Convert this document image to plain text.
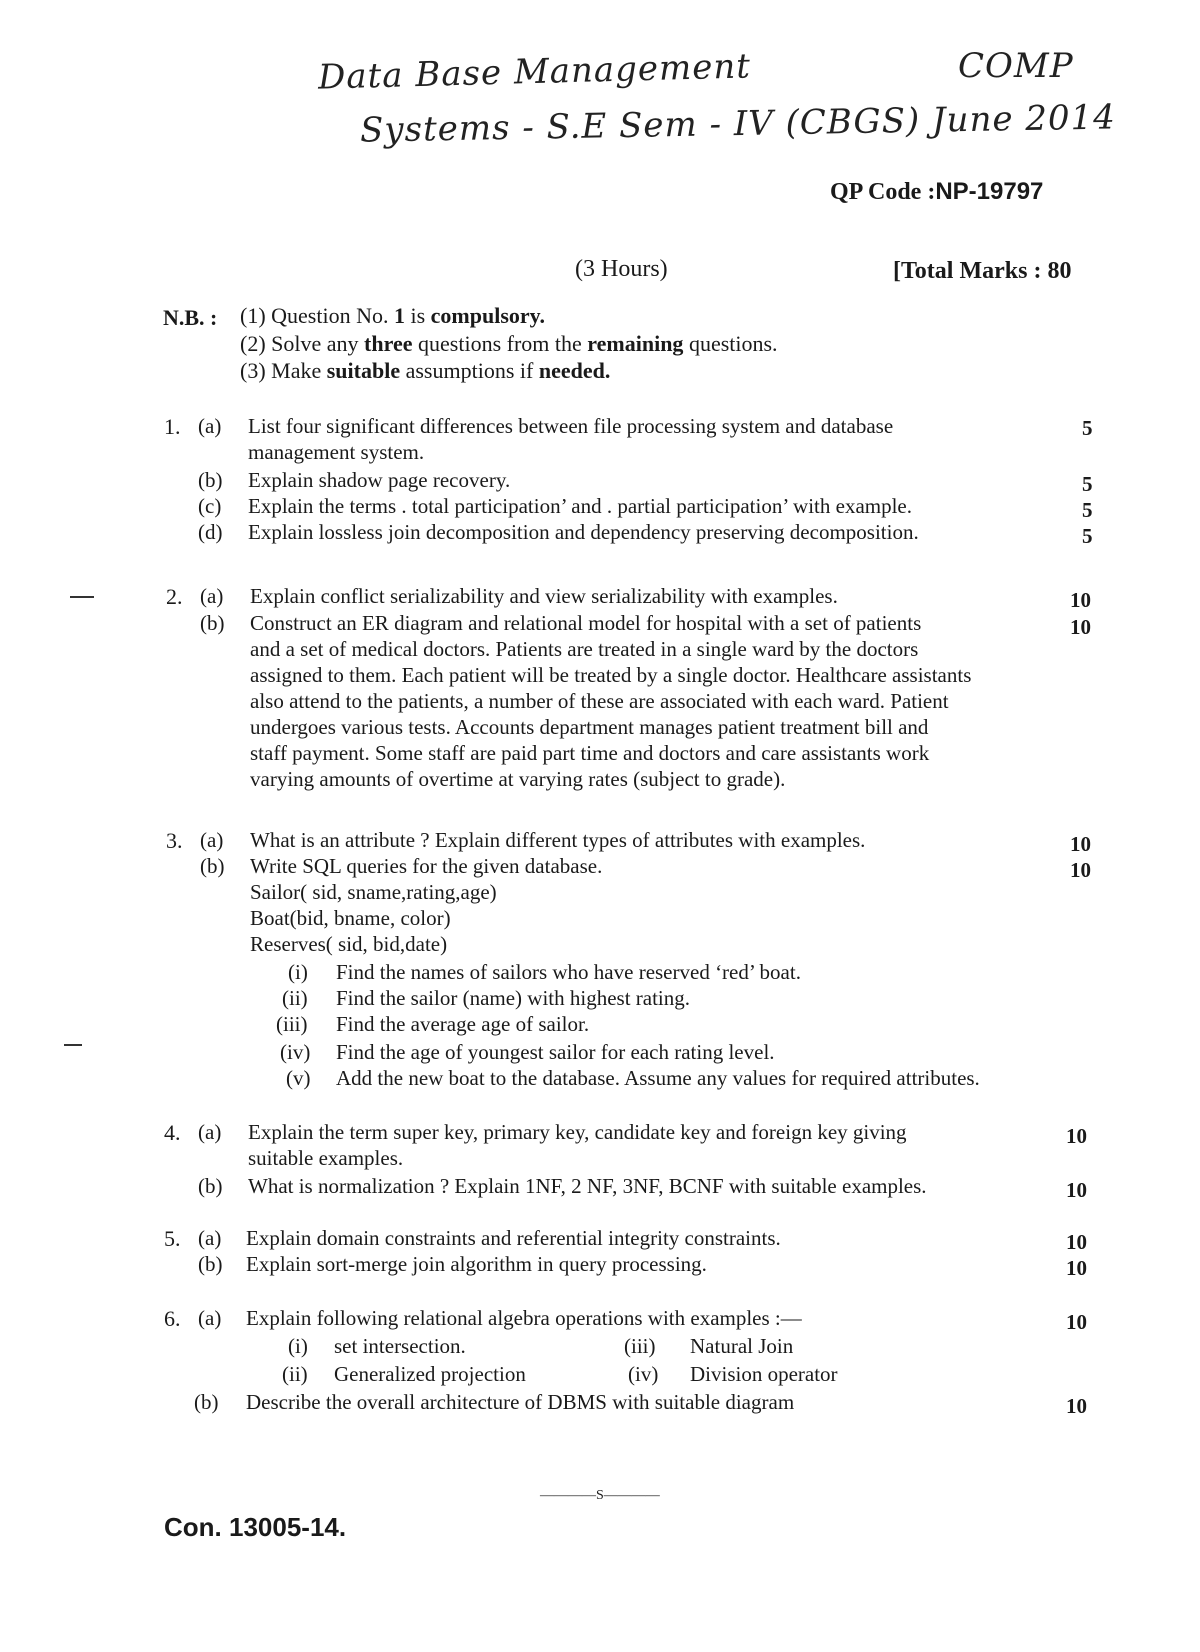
Data Base Management	COMP
Systems - S.E Sem - IV (CBGS) June 2014
QP Code :NP-19797
(3 Hours)	[Total Marks : 80
N.B. : (1) Question No. 1 is compulsory.
(2) Solve any three questions from the remaining questions.
(3) Make suitable assumptions if needed.
1. (a) List four significant differences between file processing system and database
management system.
5
(b) Explain shadow page recovery.	5
(c) Explain the terms . total participation’ and . partial participation’ with example.	5
(d) Explain lossless join decomposition and dependency preserving decomposition.	5
2. (a) Explain conflict serializability and view serializability with examples.	10
(b) Construct an ER diagram and relational model for hospital with a set of patients
and a set of medical doctors. Patients are treated in a single ward by the doctors
assigned to them. Each patient will be treated by a single doctor. Healthcare assistants
also attend to the patients, a number of these are associated with each ward. Patient
undergoes various tests. Accounts department manages patient treatment bill and
staff payment. Some staff are paid part time and doctors and care assistants work
varying amounts of overtime at varying rates (subject to grade).
10
3. (a) What is an attribute ? Explain different types of attributes with examples.	10
(b) Write SQL queries for the given database.	10
Sailor( sid, sname,rating,age)
Boat(bid, bname, color)
Reserves( sid, bid,date)
(i) Find the names of sailors who have reserved ‘red’ boat.
(ii) Find the sailor (name) with highest rating.
(iii) Find the average age of sailor.
(iv) Find the age of youngest sailor for each rating level.
(v) Add the new boat to the database. Assume any values for required attributes.
4. (a) Explain the term super key, primary key, candidate key and foreign key giving
suitable examples.
10
(b) What is normalization ? Explain 1NF, 2 NF, 3NF, BCNF with suitable examples.	10
5. (a) Explain domain constraints and referential integrity constraints.	10
(b) Explain sort-merge join algorithm in query processing.	10
6. (a) Explain following relational algebra operations with examples :—	10
(i) set intersection.	(iii) Natural Join
(ii) Generalized projection	(iv) Division operator
(b) Describe the overall architecture of DBMS with suitable diagram	10
————S————
Con. 13005-14.
